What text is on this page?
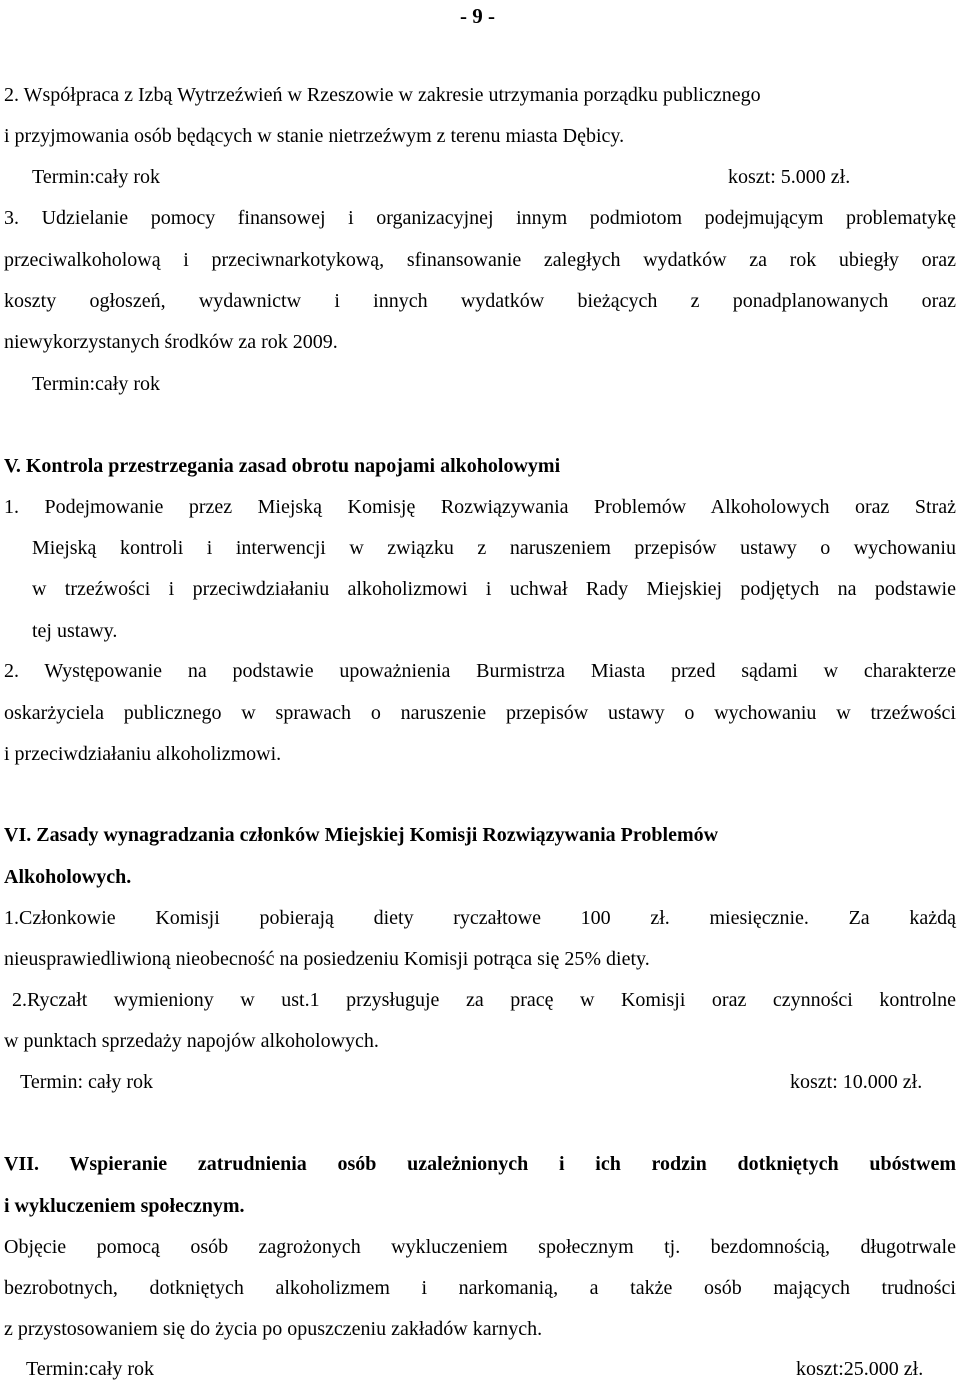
- 9 -
2. Współpraca z Izbą Wytrzeźwień w Rzeszowie w zakresie utrzymania porządku publicznego
i przyjmowania osób będących w stanie nietrzeźwym z terenu miasta Dębicy.
Termin:cały rok	koszt: 5.000 zł.
3. Udzielanie pomocy finansowej i organizacyjnej innym podmiotom podejmującym problematykę
przeciwalkoholową i przeciwnarkotykową, sfinansowanie zaległych wydatków za rok ubiegły oraz
koszty ogłoszeń, wydawnictw i innych wydatków bieżących z ponadplanowanych oraz
niewykorzystanych środków za rok 2009.
Termin:cały rok
V. Kontrola przestrzegania zasad obrotu napojami alkoholowymi
1. Podejmowanie przez Miejską Komisję Rozwiązywania Problemów Alkoholowych oraz Straż
Miejską kontroli i interwencji w związku z naruszeniem przepisów ustawy o wychowaniu
w trzeźwości i przeciwdziałaniu alkoholizmowi i uchwał Rady Miejskiej podjętych na podstawie
tej ustawy.
2. Występowanie na podstawie upoważnienia Burmistrza Miasta przed sądami w charakterze
oskarżyciela publicznego w sprawach o naruszenie przepisów ustawy o wychowaniu w trzeźwości
i przeciwdziałaniu alkoholizmowi.
VI. Zasady wynagradzania członków Miejskiej Komisji Rozwiązywania Problemów
Alkoholowych.
1.Członkowie Komisji pobierają diety ryczałtowe 100 zł. miesięcznie. Za każdą
nieusprawiedliwioną nieobecność na posiedzeniu Komisji potrąca się 25% diety.
2.Ryczałt wymieniony w ust.1 przysługuje za pracę w Komisji oraz czynności kontrolne
w punktach sprzedaży napojów alkoholowych.
Termin: cały rok	koszt: 10.000 zł.
VII. Wspieranie zatrudnienia osób uzależnionych i ich rodzin dotkniętych ubóstwem
i wykluczeniem społecznym.
Objęcie pomocą osób zagrożonych wykluczeniem społecznym tj. bezdomnością, długotrwale
bezrobotnych, dotkniętych alkoholizmem i narkomanią, a także osób mających trudności
z przystosowaniem się do życia po opuszczeniu zakładów karnych.
Termin:cały rok	koszt:25.000 zł.
